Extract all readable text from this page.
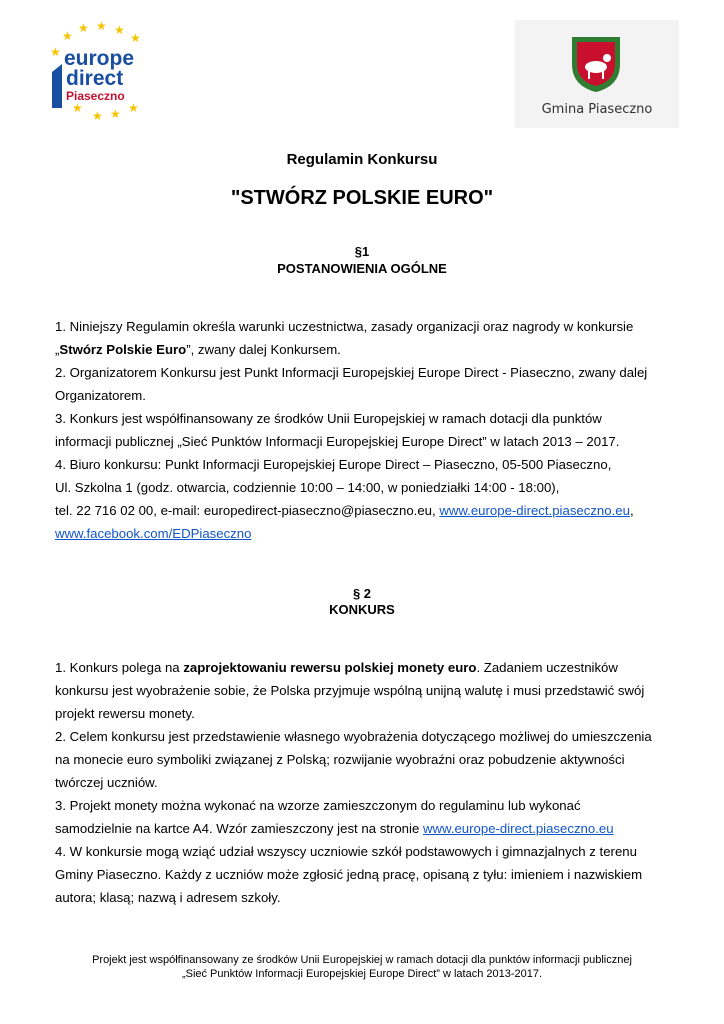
★
★ ★ ★
★
★
★
★ ★ ★
europe
direct
Piaseczno
Gmina Piaseczno
Regulamin Konkursu
"STWÓRZ POLSKIE EURO"
§1
POSTANOWIENIA OGÓLNE

1. Niniejszy Regulamin określa warunki uczestnictwa, zasady organizacji oraz nagrody w konkursie

„Stwórz Polskie Euro”, zwany dalej Konkursem.

2. Organizatorem Konkursu jest Punkt Informacji Europejskiej Europe Direct - Piaseczno, zwany dalej

Organizatorem.

3. Konkurs jest współfinansowany ze środków Unii Europejskiej w ramach dotacji dla punktów

informacji publicznej „Sieć Punktów Informacji Europejskiej Europe Direct” w latach 2013 – 2017.

4. Biuro konkursu: Punkt Informacji Europejskiej Europe Direct – Piaseczno, 05-500 Piaseczno,

Ul. Szkolna 1 (godz. otwarcia, codziennie 10:00 – 14:00, w poniedziałki 14:00 - 18:00),

tel. 22 716 02 00, e-mail: europedirect-piaseczno@piaseczno.eu, www.europe-direct.piaseczno.eu,

www.facebook.com/EDPiaseczno

§ 2
KONKURS

1. Konkurs polega na zaprojektowaniu rewersu polskiej monety euro. Zadaniem uczestników

konkursu jest wyobrażenie sobie, że Polska przyjmuje wspólną unijną walutę i musi przedstawić swój

projekt rewersu monety.

2. Celem konkursu jest przedstawienie własnego wyobrażenia dotyczącego możliwej do umieszczenia

na monecie euro symboliki związanej z Polską; rozwijanie wyobraźni oraz pobudzenie aktywności

twórczej uczniów.

3. Projekt monety można wykonać na wzorze zamieszczonym do regulaminu lub wykonać

samodzielnie na kartce A4. Wzór zamieszczony jest na stronie www.europe-direct.piaseczno.eu

4. W konkursie mogą wziąć udział wszyscy uczniowie szkół podstawowych i gimnazjalnych z terenu

Gminy Piaseczno. Każdy z uczniów może zgłosić jedną pracę, opisaną z tyłu: imieniem i nazwiskiem

autora; klasą; nazwą i adresem szkoły.

Projekt jest współfinansowany ze środków Unii Europejskiej w ramach dotacji dla punktów informacji publicznej

„Sieć Punktów Informacji Europejskiej Europe Direct” w latach 2013-2017.
